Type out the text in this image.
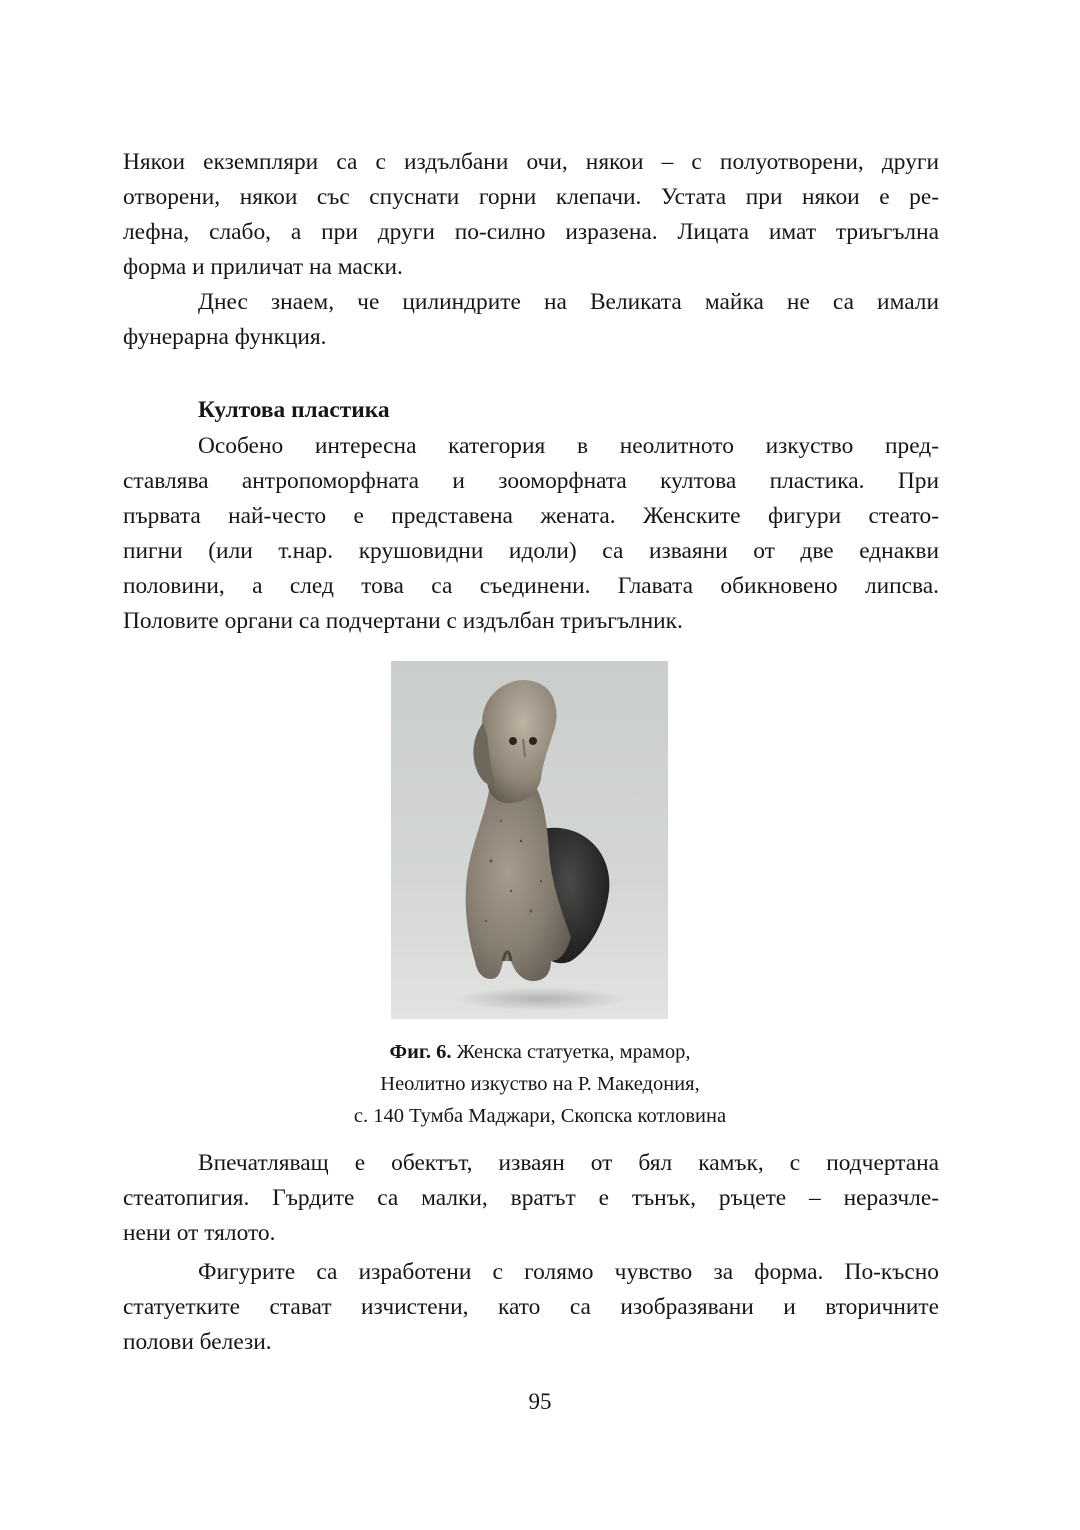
Някои екземпляри са с издълбани очи, някои – с полуотворени, други
отворени, някои със спуснати горни клепачи. Устата при някои е ре-
лефна, слабо, а при други по-силно изразена. Лицата имат триъгълна
форма и приличат на маски.
Днес знаем, че цилиндрите на Великата майка не са имали
фунерарна функция.
Култова пластика
Особено интересна категория в неолитното изкуство пред-
ставлява антропоморфната и зооморфната култова пластика. При
първата най-често е представена жената. Женските фигури стеато-
пигни (или т.нар. крушовидни идоли) са изваяни от две еднакви
половини, а след това са съединени. Главата обикновено липсва.
Половите органи са подчертани с издълбан триъгълник.
Фиг. 6. Женска статуетка, мрамор,
Неолитно изкуство на Р. Македония,
с. 140 Тумба Маджари, Скопска котловина
Впечатляващ е обектът, изваян от бял камък, с подчертана
стеатопигия. Гърдите са малки, вратът е тънък, ръцете – неразчле-
нени от тялото.
Фигурите са изработени с голямо чувство за форма. По-късно
статуетките стават изчистени, като са изобразявани и вторичните
полови белези.
95
